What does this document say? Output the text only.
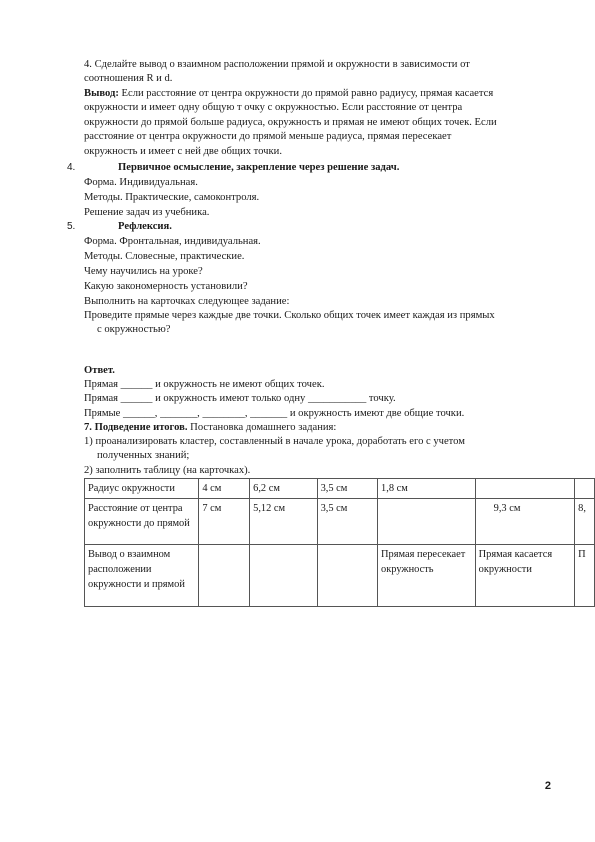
4. Сделайте вывод о взаимном расположении прямой и окружности в зависимости от
соотношения R и d.
Вывод: Если расстояние от центра окружности до прямой равно радиусу, прямая касается
окружности и имеет одну общую т очку с окружностью. Если расстояние от центра
окружности до прямой больше радиуса, окружность и прямая не имеют общих точек. Если
расстояние от центра окружности до прямой меньше радиуса, прямая пересекает
окружность и имеет с ней две общих точки.
4.	Первичное осмысление, закрепление через решение задач.
Форма. Индивидуальная.
Методы. Практические, самоконтроля.
Решение задач из учебника.
5.	Рефлексия.
Форма. Фронтальная, индивидуальная.
Методы. Словесные, практические.
Чему научились на уроке?
Какую закономерность установили?
Выполнить на карточках следующее задание:
Проведите прямые через каждые две точки. Сколько общих точек имеет каждая из прямых
с окружностью?
Ответ.
Прямая ______ и окружность не имеют общих точек.
Прямая ______ и окружность имеют только одну ___________ точку.
Прямые ______, _______, ________, _______ и окружность имеют две общие точки.
7. Подведение итогов. Постановка домашнего задания:
1) проанализировать кластер, составленный в начале урока, доработать его с учетом
полученных знаний;
2) заполнить таблицу (на карточках).
Радиус окружности	4 см	6,2 см	3,5 см	1,8 см		
Расстояние от центра окружности до прямой	7 см	5,12 см	3,5 см		9,3 см	8,
Вывод о взаимном расположении окружности и прямой				Прямая пересекает окружность	Прямая касается окружности	П
2
